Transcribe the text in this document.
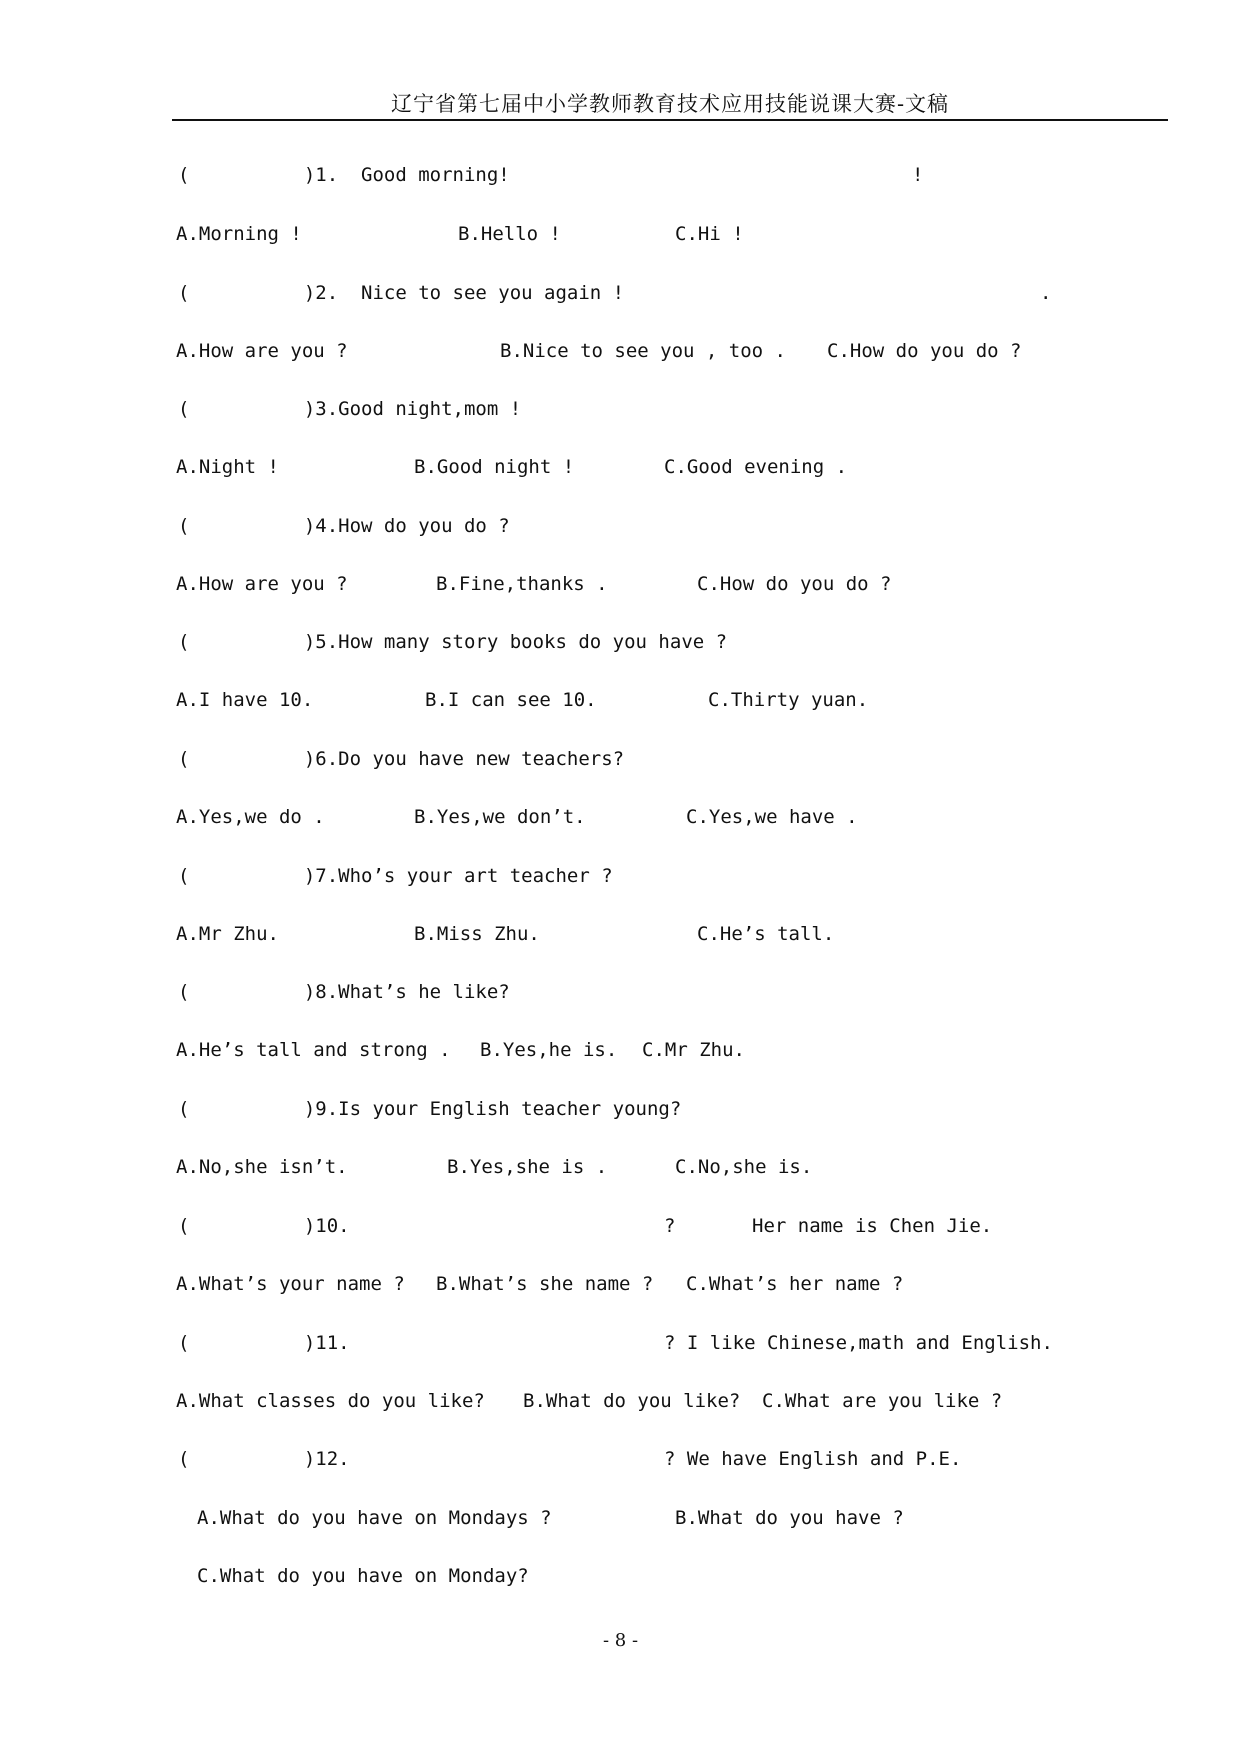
辽宁省第七届中小学教师教育技术应用技能说课大赛-文稿
(          )1.  Good morning!	!
A.Morning !	B.Hello !	C.Hi !
(          )2.  Nice to see you again !	.
A.How are you ?	B.Nice to see you , too . C.How do you do ?
(          )3.Good night,mom !
A.Night !	B.Good night !	C.Good evening .
(          )4.How do you do ?
A.How are you ?	B.Fine,thanks .	C.How do you do ?
(          )5.How many story books do you have ?
A.I have 10.	B.I can see 10.	C.Thirty yuan.
(          )6.Do you have new teachers?
A.Yes,we do .	B.Yes,we don’t.	C.Yes,we have .
(          )7.Who’s your art teacher ?
A.Mr Zhu.	B.Miss Zhu.	C.He’s tall.
(          )8.What’s he like?
A.He’s tall and strong . B.Yes,he is. C.Mr Zhu.
(          )9.Is your English teacher young?
A.No,she isn’t.	B.Yes,she is .	C.No,she is.
(          )10.	?	Her name is Chen Jie.
A.What’s your name ? B.What’s she name ? C.What’s her name ?
(          )11.	? I like Chinese,math and English.
A.What classes do you like? B.What do you like? C.What are you like ?
(          )12.	? We have English and P.E.
A.What do you have on Mondays ?	B.What do you have ?
C.What do you have on Monday?
- 8 -
